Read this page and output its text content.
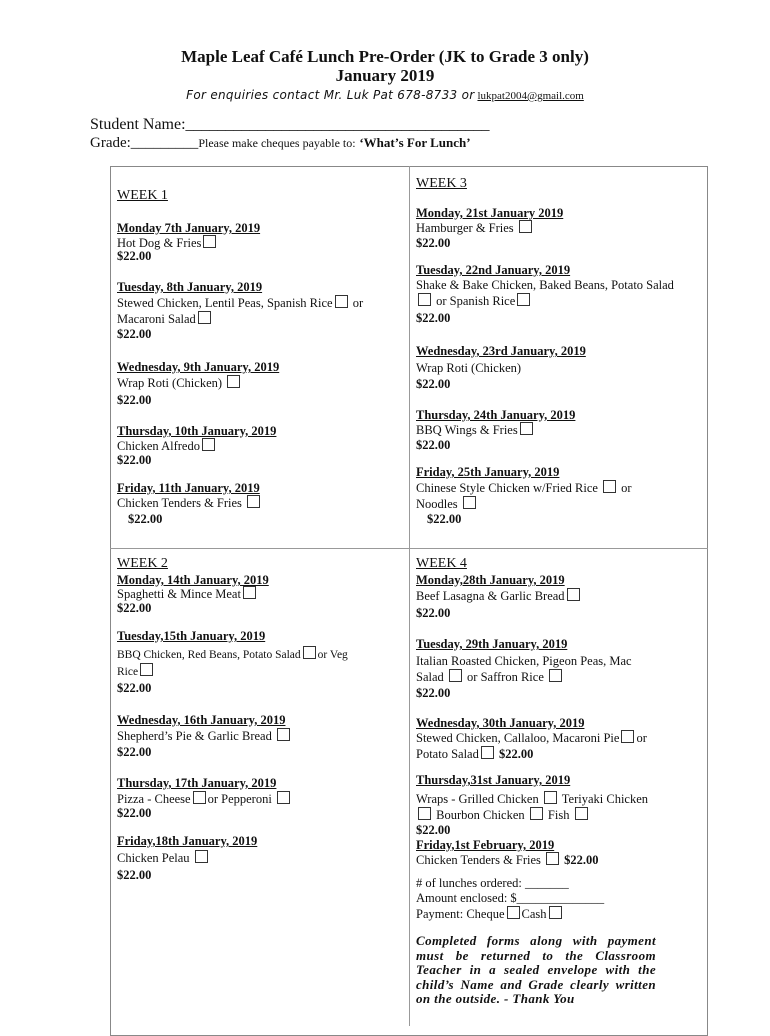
Maple Leaf Café Lunch Pre-Order (JK to Grade 3 only)
January 2019
For enquiries contact Mr. Luk Pat 678-8733 or lukpat2004@gmail.com
Student Name:______________________________________
Grade:_________Please make cheques payable to: ‘What’s For Lunch’
WEEK 1
Monday 7th January, 2019
Hot Dog & Fries
$22.00
Tuesday, 8th January, 2019
Stewed Chicken, Lentil Peas, Spanish Rice or
Macaroni Salad
$22.00
Wednesday, 9th January, 2019
Wrap Roti (Chicken)
$22.00
Thursday, 10th January, 2019
Chicken Alfredo
$22.00
Friday, 11th January, 2019
Chicken Tenders & Fries
$22.00
WEEK 2
Monday, 14th January, 2019
Spaghetti & Mince Meat
$22.00
Tuesday,15th January, 2019
BBQ Chicken, Red Beans, Potato Salad or Veg
Rice
$22.00
Wednesday, 16th January, 2019
Shepherd’s Pie & Garlic Bread
$22.00
Thursday, 17th January, 2019
Pizza - Cheese or Pepperoni
$22.00
Friday,18th January, 2019
Chicken Pelau
$22.00
WEEK 3
Monday, 21st January 2019
Hamburger & Fries
$22.00
Tuesday, 22nd January, 2019
Shake & Bake Chicken, Baked Beans, Potato Salad
or Spanish Rice
$22.00
Wednesday, 23rd January, 2019
Wrap Roti (Chicken)
$22.00
Thursday, 24th January, 2019
BBQ Wings & Fries
$22.00
Friday, 25th January, 2019
Chinese Style Chicken w/Fried Rice or
Noodles
$22.00
WEEK 4
Monday,28th January, 2019
Beef Lasagna & Garlic Bread
$22.00
Tuesday, 29th January, 2019
Italian Roasted Chicken, Pigeon Peas, Mac
Salad or Saffron Rice
$22.00
Wednesday, 30th January, 2019
Stewed Chicken, Callaloo, Macaroni Pie or
Potato Salad $22.00
Thursday,31st January, 2019
Wraps - Grilled Chicken Teriyaki Chicken
Bourbon Chicken Fish
$22.00
Friday,1st February, 2019
Chicken Tenders & Fries $22.00
# of lunches ordered: _______
Amount enclosed: $______________
Payment: Cheque Cash
Completed forms along with payment must be returned to the Classroom Teacher in a sealed envelope with the child’s Name and Grade clearly written on the outside. - Thank You
